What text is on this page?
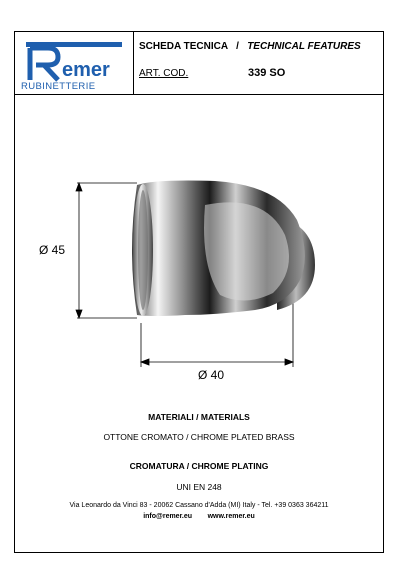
emer
RUBINETTERIE
SCHEDA TECNICA / TECHNICAL FEATURES
ART. COD.	339 SO
Ø 45
Ø 40
MATERIALI / MATERIALS
OTTONE CROMATO / CHROME PLATED BRASS
CROMATURA / CHROME PLATING
UNI EN 248
Via Leonardo da Vinci 83 - 20062 Cassano d'Adda (MI) Italy - Tel. +39 0363 364211
info@remer.eu www.remer.eu
